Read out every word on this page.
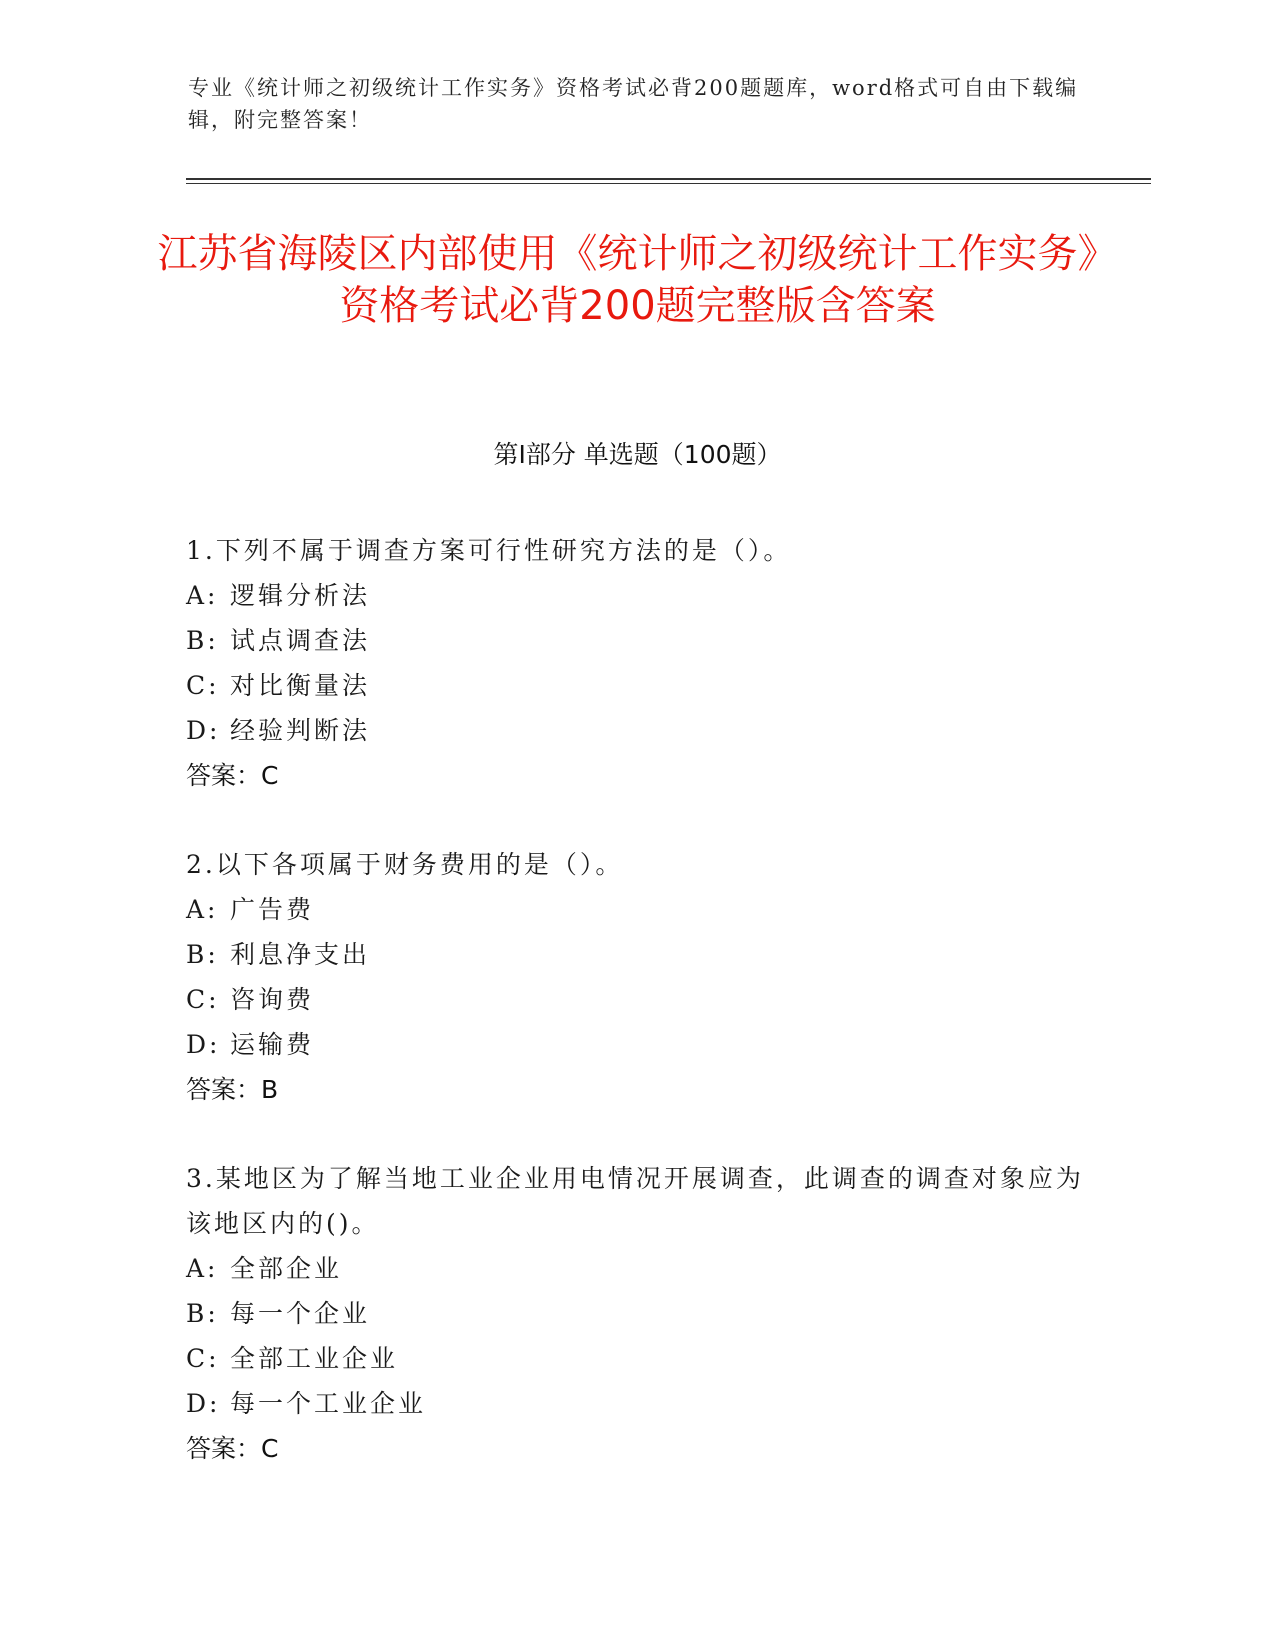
专业《统计师之初级统计工作实务》资格考试必背200题题库，word格式可自由下载编辑，附完整答案！
江苏省海陵区内部使用《统计师之初级统计工作实务》资格考试必背200题完整版含答案
第Ⅰ部分 单选题（100题）
1.下列不属于调查方案可行性研究方法的是（）。
A: 逻辑分析法
B: 试点调查法
C: 对比衡量法
D: 经验判断法
答案：C
2.以下各项属于财务费用的是（）。
A: 广告费
B: 利息净支出
C: 咨询费
D: 运输费
答案：B
3.某地区为了解当地工业企业用电情况开展调查，此调查的调查对象应为该地区内的()。
A: 全部企业
B: 每一个企业
C: 全部工业企业
D: 每一个工业企业
答案：C
